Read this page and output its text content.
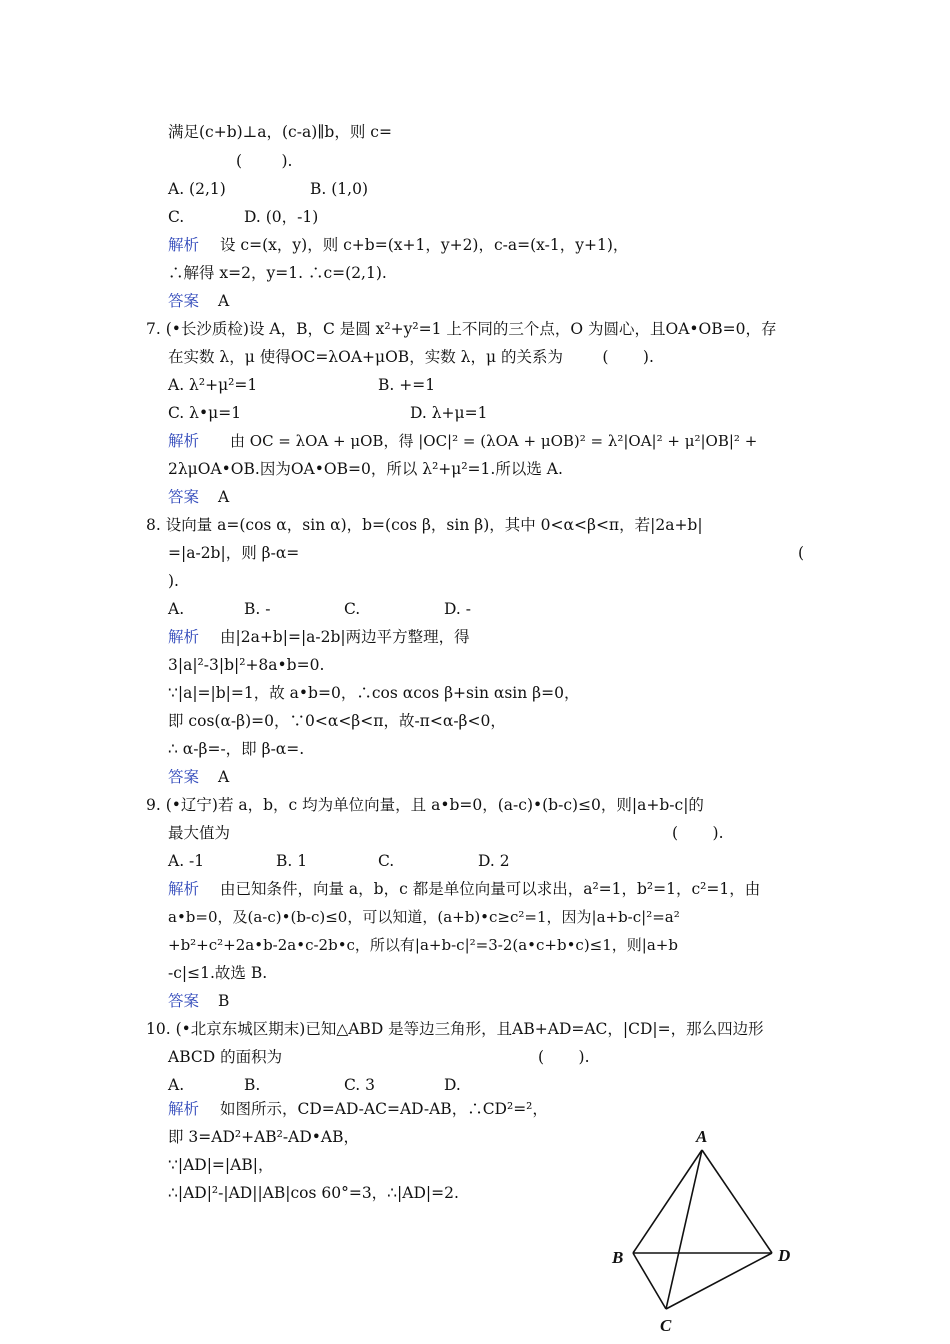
满足(c+b)⊥a，(c-a)∥b，则 c=
(        ).
A. (2,1)	B. (1,0)
C.	D. (0，-1)
解析 设 c=(x，y)，则 c+b=(x+1，y+2)，c-a=(x-1，y+1)，
∴解得 x=2，y=1. ∴c=(2,1).
答案 A
7. (•长沙质检)设 A，B，C 是圆 x²+y²=1 上不同的三个点，O 为圆心，且OA•OB=0，存
在实数 λ，μ 使得OC=λOA+μOB，实数 λ，μ 的关系为        (       ).
A. λ²+μ²=1	B. +=1
C. λ•μ=1	D. λ+μ=1
解析 由 OC = λOA + μOB，得 |OC|² = (λOA + μOB)² = λ²|OA|² + μ²|OB|² +
2λμOA•OB.因为OA•OB=0，所以 λ²+μ²=1.所以选 A.
答案 A
8. 设向量 a=(cos α，sin α)，b=(cos β，sin β)，其中 0<α<β<π，若|2a+b|
=|a-2b|，则 β-α=	(
).
A.	B. -	C.	D. -
解析 由|2a+b|=|a-2b|两边平方整理，得
3|a|²-3|b|²+8a•b=0.
∵|a|=|b|=1，故 a•b=0，∴cos αcos β+sin αsin β=0，
即 cos(α-β)=0，∵0<α<β<π，故-π<α-β<0，
∴ α-β=-，即 β-α=.
答案 A
9. (•辽宁)若 a，b，c 均为单位向量，且 a•b=0，(a-c)•(b-c)≤0，则|a+b-c|的
最大值为	(       ).
A. -1	B. 1	C.	D. 2
解析 由已知条件，向量 a，b，c 都是单位向量可以求出，a²=1，b²=1，c²=1，由
a•b=0，及(a-c)•(b-c)≤0，可以知道，(a+b)•c≥c²=1，因为|a+b-c|²=a²
+b²+c²+2a•b-2a•c-2b•c，所以有|a+b-c|²=3-2(a•c+b•c)≤1，则|a+b
-c|≤1.故选 B.
答案 B
10. (•北京东城区期末)已知△ABD 是等边三角形，且AB+AD=AC，|CD|=，那么四边形
ABCD 的面积为	(       ).
A.	B.	C. 3	D.
解析 如图所示，CD=AD-AC=AD-AB，∴CD²=²，
即 3=AD²+AB²-AD•AB，
∵|AD|=|AB|，
∴|AD|²-|AD||AB|cos 60°=3，∴|AD|=2.
A
B
C
D
